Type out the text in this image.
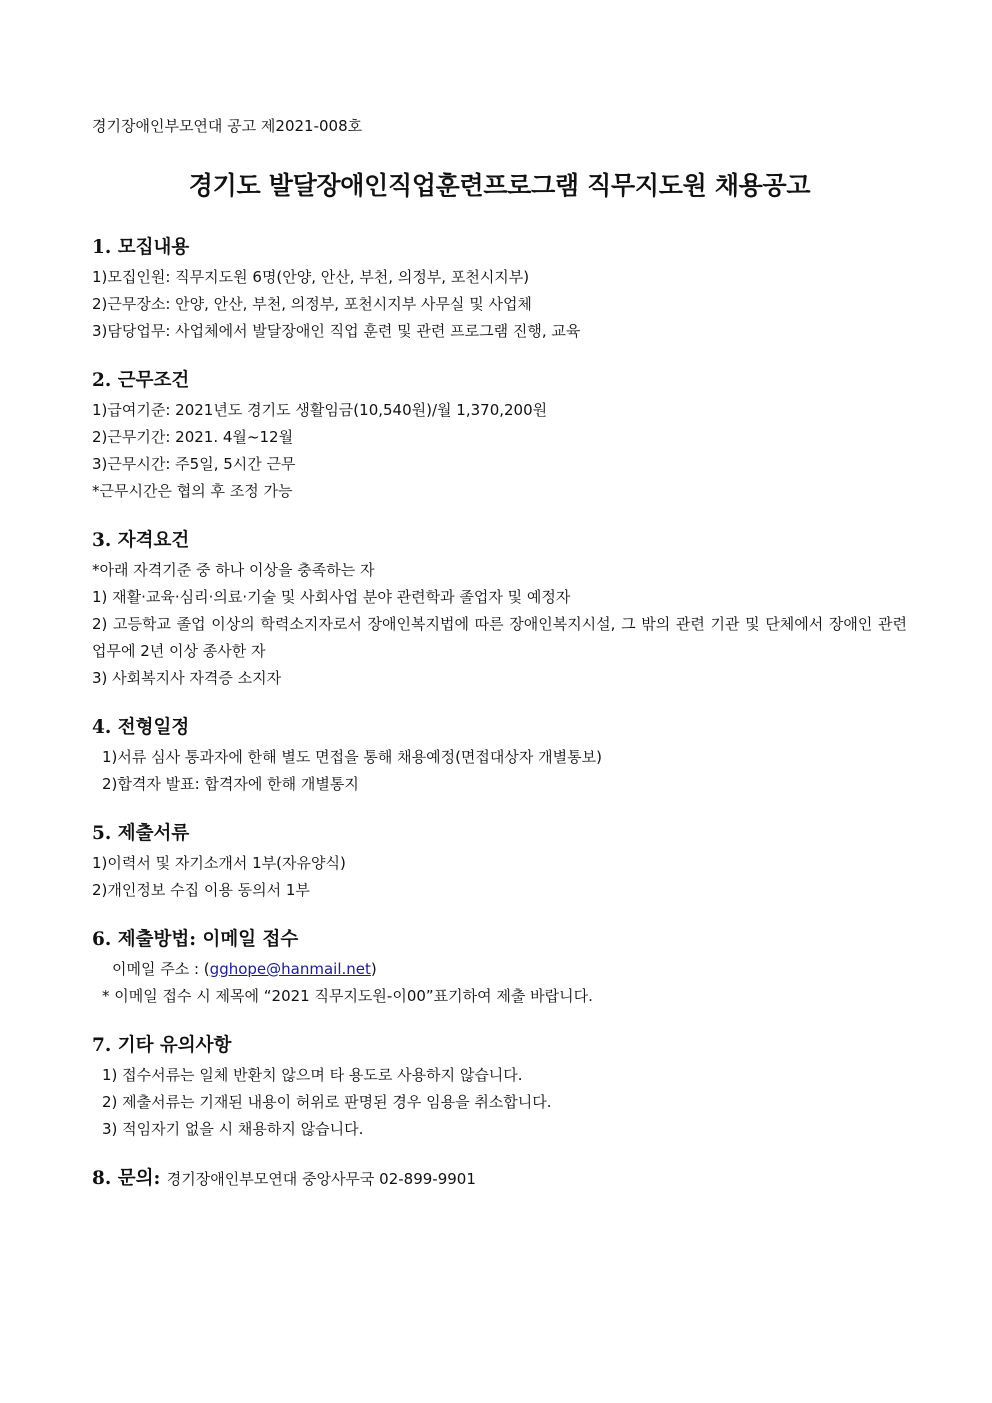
경기장애인부모연대 공고 제2021-008호

경기도 발달장애인직업훈련프로그램 직무지도원 채용공고
1. 모집내용

1)모집인원: 직무지도원 6명(안양, 안산, 부천, 의정부, 포천시지부)

2)근무장소: 안양, 안산, 부천, 의정부, 포천시지부 사무실 및 사업체

3)담당업무: 사업체에서 발달장애인 직업 훈련 및 관련 프로그램 진행, 교육

2. 근무조건

1)급여기준: 2021년도 경기도 생활임금(10,540원)/월 1,370,200원

2)근무기간: 2021. 4월~12월

3)근무시간: 주5일, 5시간 근무

*근무시간은 협의 후 조정 가능

3. 자격요건

*아래 자격기준 중 하나 이상을 충족하는 자

1) 재활·교육·심리·의료·기술 및 사회사업 분야 관련학과 졸업자 및 예정자

2) 고등학교 졸업 이상의 학력소지자로서 장애인복지법에 따른 장애인복지시설, 그 밖의 관련 기관 및 단체에서 장애인 관련 업무에 2년 이상 종사한 자

3) 사회복지사 자격증 소지자

4. 전형일정

1)서류 심사 통과자에 한해 별도 면접을 통해 채용예정(면접대상자 개별통보)

2)합격자 발표: 합격자에 한해 개별통지

5. 제출서류

1)이력서 및 자기소개서 1부(자유양식)

2)개인정보 수집 이용 동의서 1부

6. 제출방법: 이메일 접수

이메일 주소 : (gghope@hanmail.net)

* 이메일 접수 시 제목에 “2021 직무지도원-이00”표기하여 제출 바랍니다.

7. 기타 유의사항

1) 접수서류는 일체 반환치 않으며 타 용도로 사용하지 않습니다.

2) 제출서류는 기재된 내용이 허위로 판명된 경우 임용을 취소합니다.

3) 적임자기 없을 시 채용하지 않습니다.

8. 문의: 경기장애인부모연대 중앙사무국 02-899-9901
